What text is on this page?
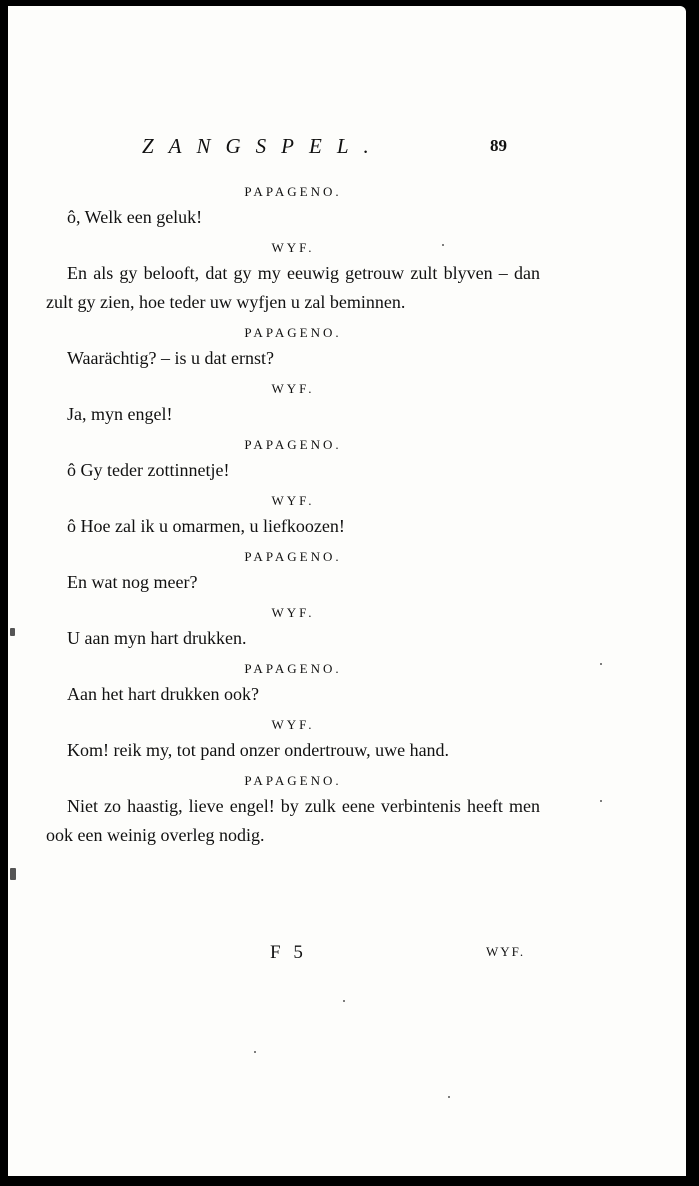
ZANGSPEL.	89
PAPAGENO.

ô, Welk een geluk!

WYF.

En als gy belooft, dat gy my eeuwig getrouw zult blyven – dan zult gy zien, hoe teder uw wyfjen u zal beminnen.

PAPAGENO.

Waarächtig? – is u dat ernst?

WYF.

Ja, myn engel!

PAPAGENO.

ô Gy teder zottinnetje!

WYF.

ô Hoe zal ik u omarmen, u liefkoozen!

PAPAGENO.

En wat nog meer?

WYF.

U aan myn hart drukken.

PAPAGENO.

Aan het hart drukken ook?

WYF.

Kom! reik my, tot pand onzer ondertrouw, uwe hand.

PAPAGENO.

Niet zo haastig, lieve engel! by zulk eene verbintenis heeft men ook een weinig overleg nodig.

F 5	WYF.
